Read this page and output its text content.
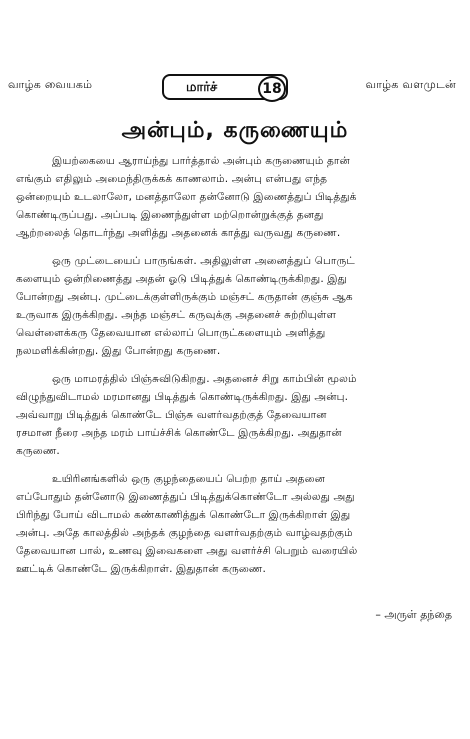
வாழ்க வையகம்	மார்ச்	18	வாழ்க வளமுடன்
அன்பும், கருணையும்
இயற்கையை ஆராய்ந்து பார்த்தால் அன்பும் கருணையும் தான்
எங்கும் எதிலும் அமைந்திருக்கக் காணலாம். அன்பு என்பது எந்த
ஒன்றையும் உடலாலோ, மனத்தாலோ தன்னோடு இணைத்துப் பிடித்துக்
கொண்டிருப்பது. அப்படி இணைந்துள்ள மற்றொன்றுக்குத் தனது
ஆற்றலைத் தொடர்ந்து அளித்து அதனைக் காத்து வருவது கருணை.
ஒரு முட்டையைப் பாருங்கள். அதிலுள்ள அனைத்துப் பொருட்
களையும் ஒன்றிணைத்து அதன் ஓடு பிடித்துக் கொண்டிருக்கிறது. இது
போன்றது அன்பு. முட்டைக்குள்ளிருக்கும் மஞ்சட் கருதான் குஞ்சு ஆக
உருவாக இருக்கிறது. அந்த மஞ்சட் கருவுக்கு அதனைச் சுற்றியுள்ள
வெள்ளைக்கரு தேவையான எல்லாப் பொருட்களையும் அளித்து
நலமளிக்கின்றது. இது போன்றது கருணை.
ஒரு மாமரத்தில் பிஞ்சுவிடுகிறது. அதனைச் சிறு காம்பின் மூலம்
விழுந்துவிடாமல் மரமானது பிடித்துக் கொண்டிருக்கிறது. இது அன்பு.
அவ்வாறு பிடித்துக் கொண்டே பிஞ்சு வளர்வதற்குத் தேவையான
ரசமான நீரை அந்த மரம் பாய்ச்சிக் கொண்டே இருக்கிறது. அதுதான்
கருணை.
உயிரினங்களில் ஒரு குழந்தையைப் பெற்ற தாய் அதனை
எப்போதும் தன்னோடு இணைத்துப் பிடித்துக்கொண்டோ அல்லது அது
பிரிந்து போய் விடாமல் கண்காணித்துக் கொண்டோ இருக்கிறாள் இது
அன்பு. அதே காலத்தில் அந்தக் குழந்தை வளர்வதற்கும் வாழ்வதற்கும்
தேவையான பால், உணவு இவைகளை அது வளர்ச்சி பெறும் வரையில்
ஊட்டிக் கொண்டே இருக்கிறாள். இதுதான் கருணை.
– அருள் தந்தை
